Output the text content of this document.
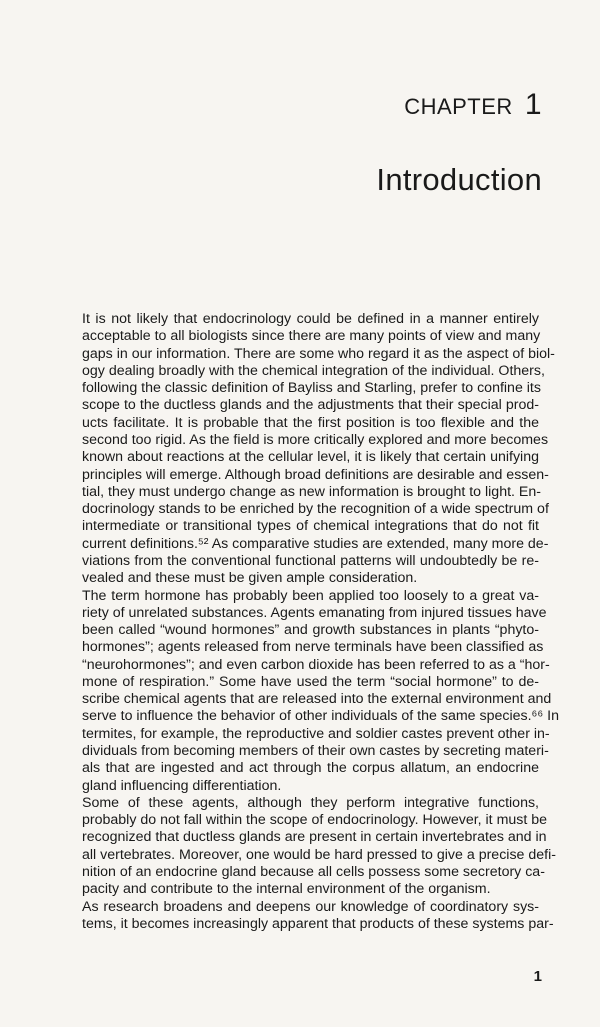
CHAPTER 1
Introduction

It is not likely that endocrinology could be defined in a manner entirely
acceptable to all biologists since there are many points of view and many
gaps in our information. There are some who regard it as the aspect of biol-
ogy dealing broadly with the chemical integration of the individual. Others,
following the classic definition of Bayliss and Starling, prefer to confine its
scope to the ductless glands and the adjustments that their special prod-
ucts facilitate. It is probable that the first position is too flexible and the
second too rigid. As the field is more critically explored and more becomes
known about reactions at the cellular level, it is likely that certain unifying
principles will emerge. Although broad definitions are desirable and essen-
tial, they must undergo change as new information is brought to light. En-
docrinology stands to be enriched by the recognition of a wide spectrum of
intermediate or transitional types of chemical integrations that do not fit
current definitions.⁵² As comparative studies are extended, many more de-
viations from the conventional functional patterns will undoubtedly be re-
vealed and these must be given ample consideration.

The term hormone has probably been applied too loosely to a great va-
riety of unrelated substances. Agents emanating from injured tissues have
been called “wound hormones” and growth substances in plants “phyto-
hormones”; agents released from nerve terminals have been classified as
“neurohormones”; and even carbon dioxide has been referred to as a “hor-
mone of respiration.” Some have used the term “social hormone” to de-
scribe chemical agents that are released into the external environment and
serve to influence the behavior of other individuals of the same species.⁶⁶ In
termites, for example, the reproductive and soldier castes prevent other in-
dividuals from becoming members of their own castes by secreting materi-
als that are ingested and act through the corpus allatum, an endocrine
gland influencing differentiation.

Some of these agents, although they perform integrative functions,
probably do not fall within the scope of endocrinology. However, it must be
recognized that ductless glands are present in certain invertebrates and in
all vertebrates. Moreover, one would be hard pressed to give a precise defi-
nition of an endocrine gland because all cells possess some secretory ca-
pacity and contribute to the internal environment of the organism.

As research broadens and deepens our knowledge of coordinatory sys-
tems, it becomes increasingly apparent that products of these systems par-

1
